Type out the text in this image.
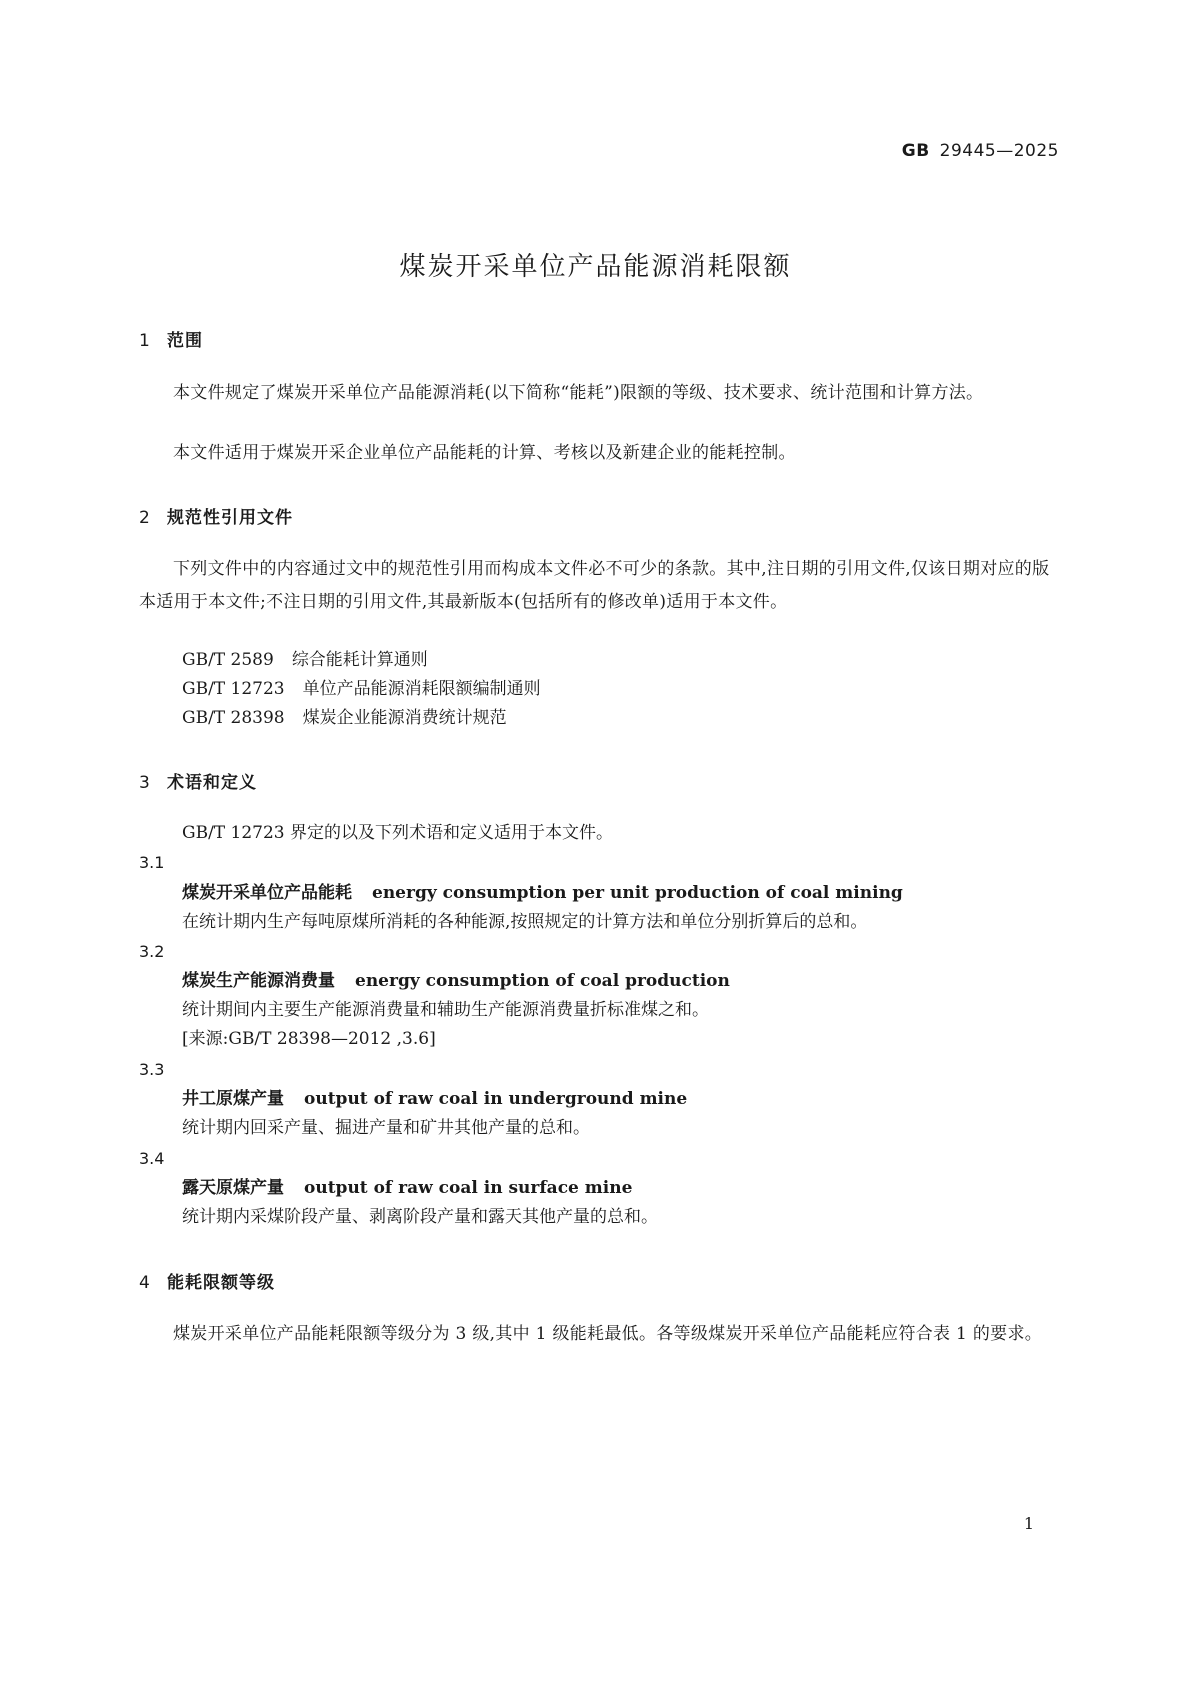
GB 29445—2025
煤炭开采单位产品能源消耗限额
1 范围

本文件规定了煤炭开采单位产品能源消耗(以下简称“能耗”)限额的等级、技术要求、统计范围和计算方法。

本文件适用于煤炭开采企业单位产品能耗的计算、考核以及新建企业的能耗控制。

2 规范性引用文件

下列文件中的内容通过文中的规范性引用而构成本文件必不可少的条款。其中,注日期的引用文件,仅该日期对应的版本适用于本文件;不注日期的引用文件,其最新版本(包括所有的修改单)适用于本文件。

GB/T 2589 综合能耗计算通则
GB/T 12723 单位产品能源消耗限额编制通则
GB/T 28398 煤炭企业能源消费统计规范
3 术语和定义
GB/T 12723 界定的以及下列术语和定义适用于本文件。
3.1
煤炭开采单位产品能耗 energy consumption per unit production of coal mining
在统计期内生产每吨原煤所消耗的各种能源,按照规定的计算方法和单位分别折算后的总和。
3.2
煤炭生产能源消费量 energy consumption of coal production
统计期间内主要生产能源消费量和辅助生产能源消费量折标准煤之和。
[来源:GB/T 28398—2012 ,3.6]
3.3
井工原煤产量 output of raw coal in underground mine
统计期内回采产量、掘进产量和矿井其他产量的总和。
3.4
露天原煤产量 output of raw coal in surface mine
统计期内采煤阶段产量、剥离阶段产量和露天其他产量的总和。
4 能耗限额等级

煤炭开采单位产品能耗限额等级分为 3 级,其中 1 级能耗最低。各等级煤炭开采单位产品能耗应符合表 1 的要求。

1
